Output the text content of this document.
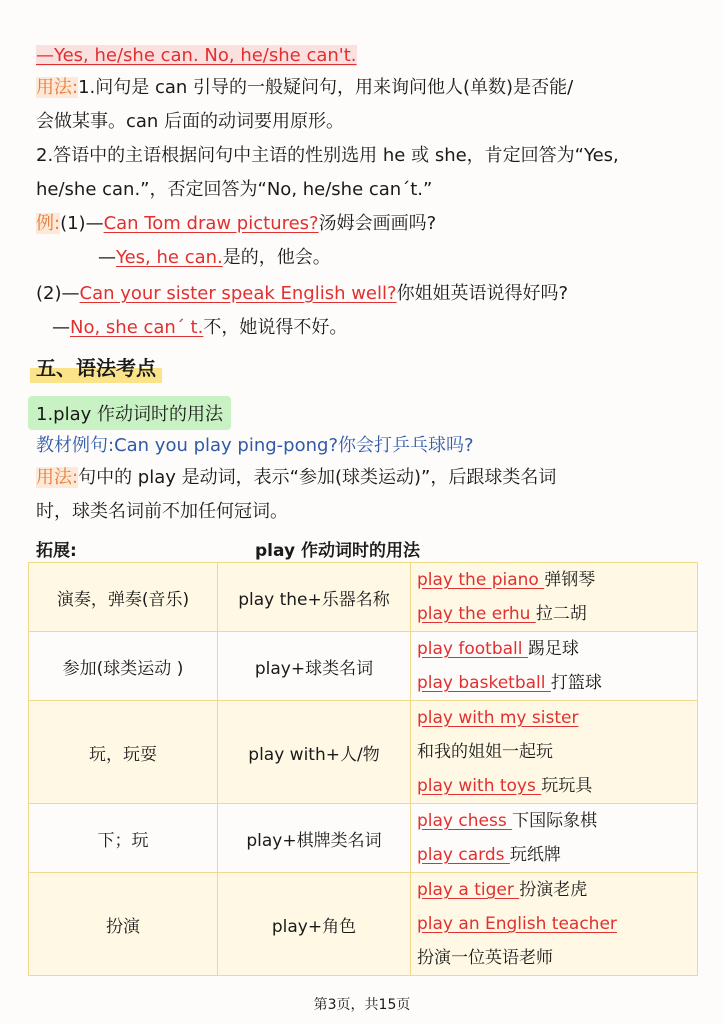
—Yes, he/she can. No, he/she can't.
用法:1.问句是 can 引导的一般疑问句，用来询问他人(单数)是否能/
会做某事。can 后面的动词要用原形。
2.答语中的主语根据问句中主语的性别选用 he 或 she，肯定回答为“Yes,
he/she can.”，否定回答为“No, he/she can´t.”
例:(1)—Can Tom draw pictures?汤姆会画画吗?
—Yes, he can.是的，他会。
(2)—Can your sister speak English well?你姐姐英语说得好吗?
—No, she can´ t.不，她说得不好。
五、语法考点
1.play 作动词时的用法
教材例句:Can you play ping-pong?你会打乒乓球吗?
用法:句中的 play 是动词，表示“参加(球类运动)”，后跟球类名词
时，球类名词前不加任何冠词。
拓展:	play 作动词时的用法
演奏，弹奏(音乐)	play the+乐器名称	play the piano 弹钢琴
play the erhu 拉二胡

参加(球类运动 )	play+球类名词	play football 踢足球
play basketball 打篮球

玩，玩耍	play with+人/物	play with my sister
和我的姐姐一起玩
play with toys 玩玩具

下；玩	play+棋牌类名词	play chess 下国际象棋
play cards 玩纸牌

扮演	play+角色	play a tiger 扮演老虎
play an English teacher
扮演一位英语老师
第3页，共15页
